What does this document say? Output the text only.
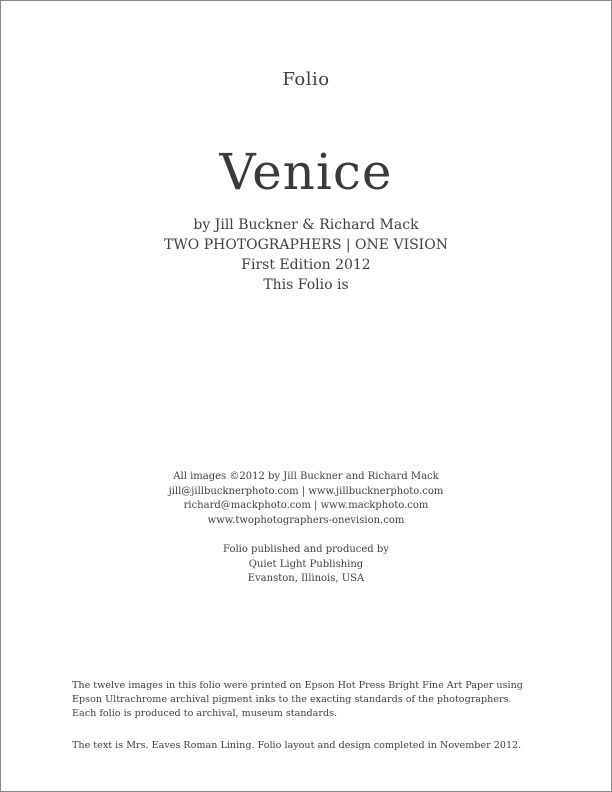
Folio
Venice
by Jill Buckner & Richard Mack
TWO PHOTOGRAPHERS | ONE VISION
First Edition 2012
This Folio is
All images ©2012 by Jill Buckner and Richard Mack
jill@jillbucknerphoto.com | www.jillbucknerphoto.com
richard@mackphoto.com | www.mackphoto.com
www.twophotographers-onevision.com
Folio published and produced by
Quiet Light Publishing
Evanston, Illinois, USA
The twelve images in this folio were printed on Epson Hot Press Bright Fine Art Paper using
Epson Ultrachrome archival pigment inks to the exacting standards of the photographers.
Each folio is produced to archival, museum standards.
The text is Mrs. Eaves Roman Lining. Folio layout and design completed in November 2012.
